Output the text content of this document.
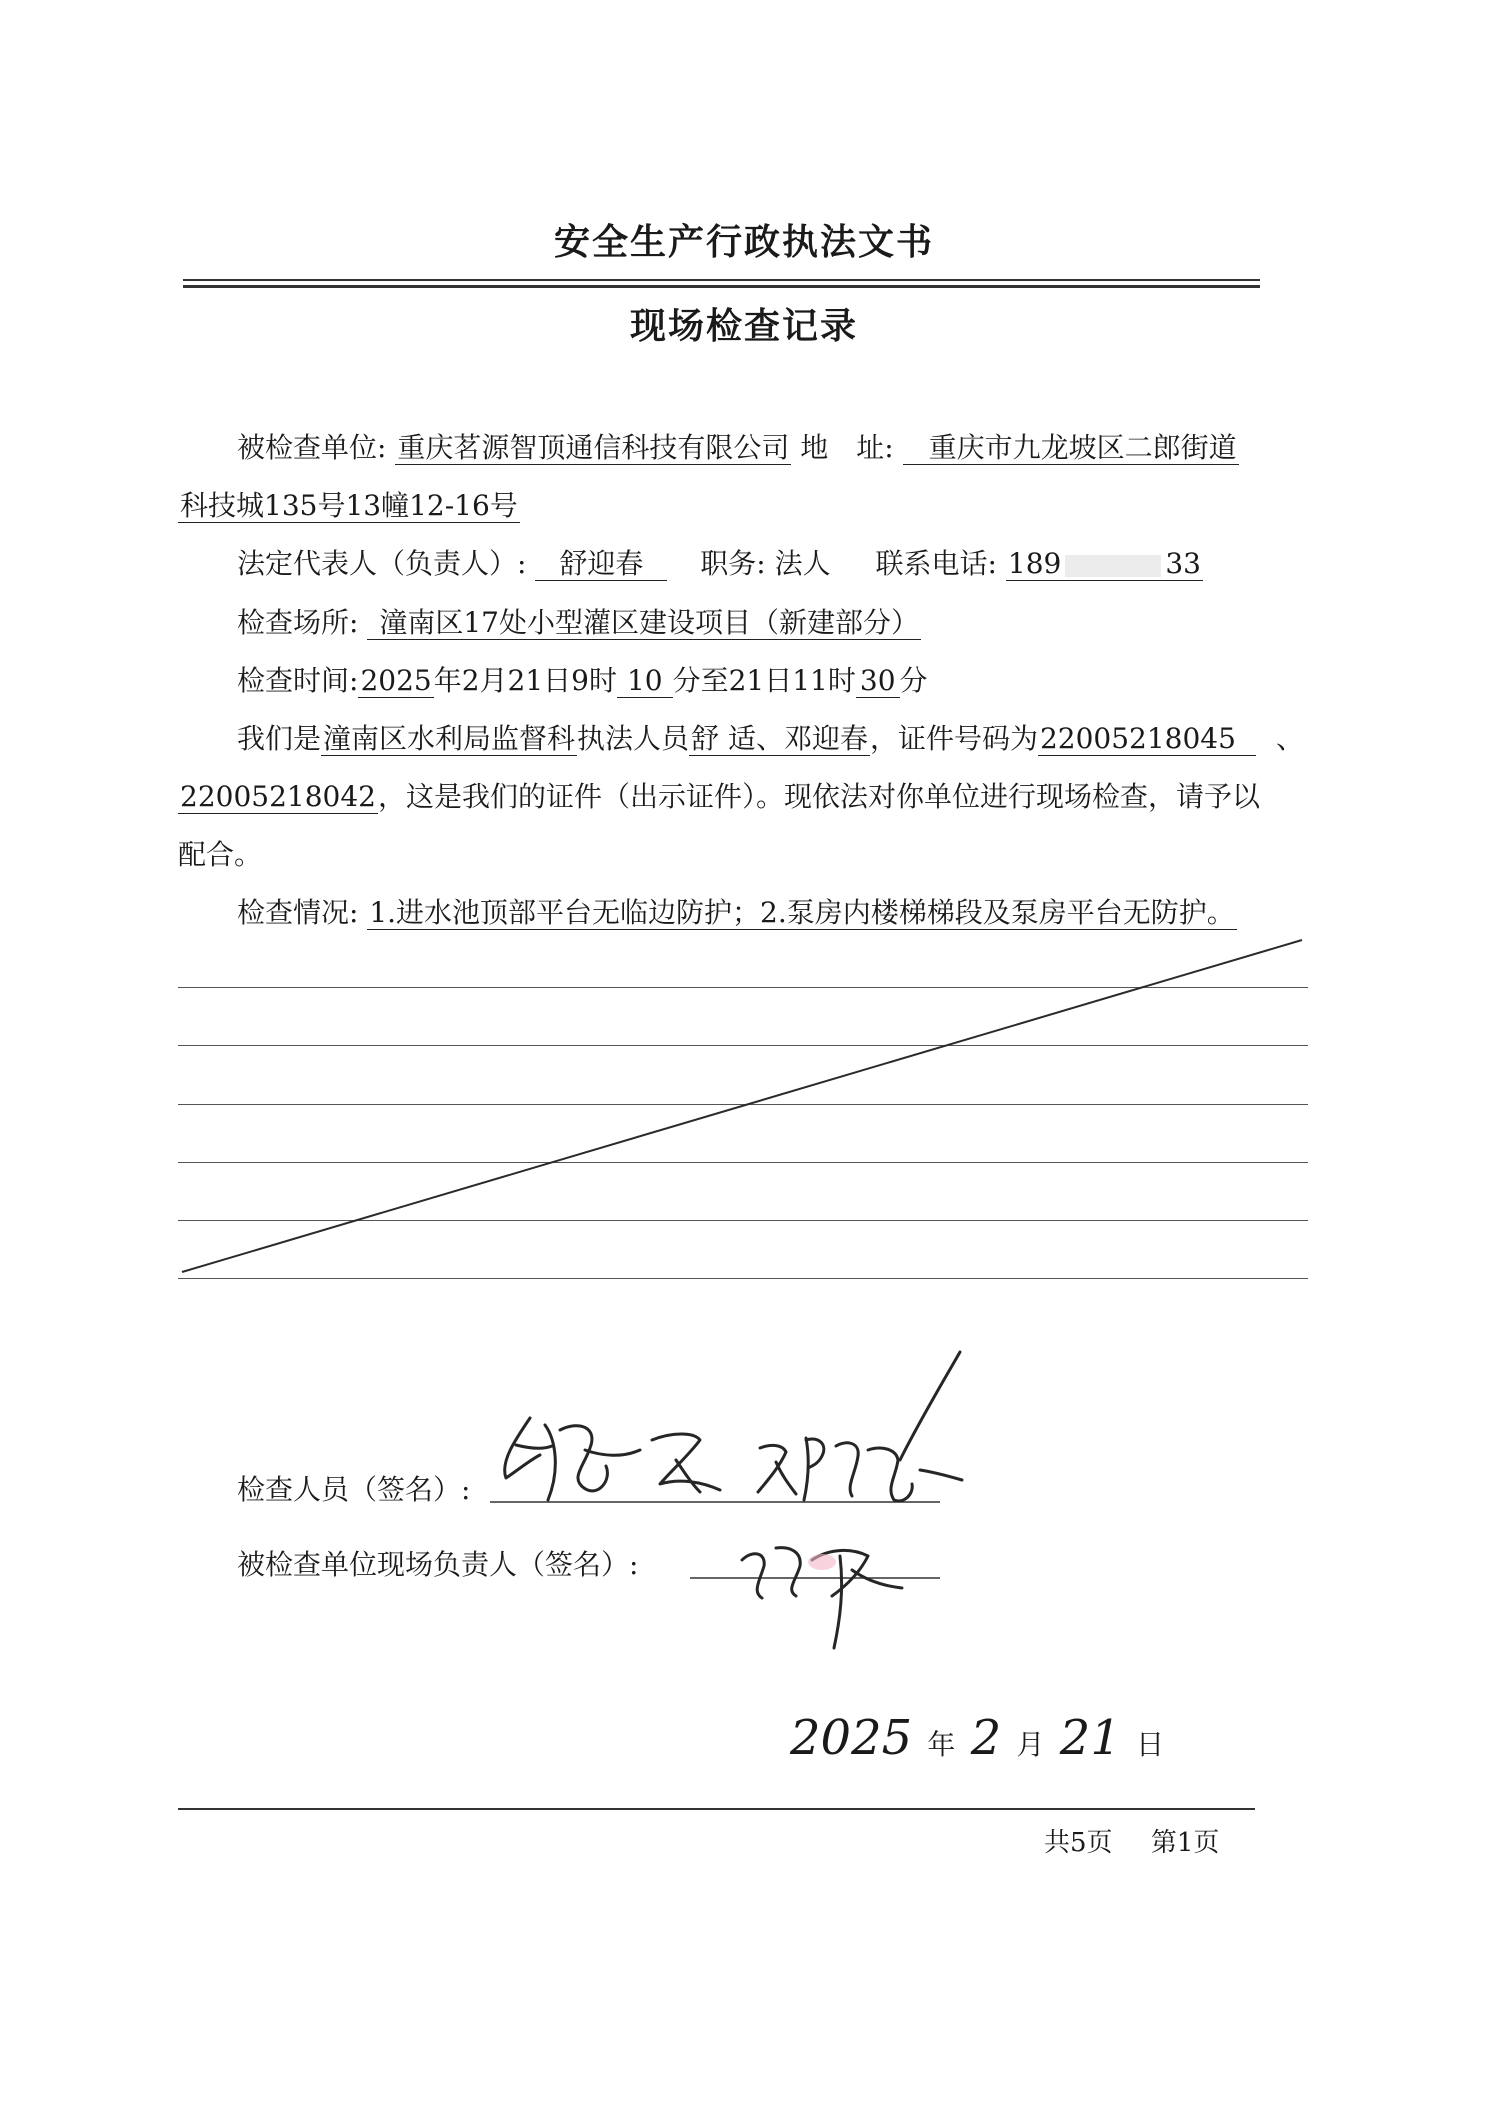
安全生产行政执法文书
现场检查记录
被检查单位: 重庆茗源智顶通信科技有限公司 地　址: 重庆市九龙坡区二郎街道
科技城135号13幢12-16号
法定代表人（负责人）: 舒迎春 职务: 法人 联系电话: 189	33
检查场所: 潼南区17处小型灌区建设项目（新建部分）
检查时间:2025年2月21日9时 10 分至21日11时 30 分
我们是潼南区水利局监督科执法人员舒 适、邓迎春，证件号码为22005218045 、
22005218042，这是我们的证件（出示证件）。现依法对你单位进行现场检查，请予以
配合。
检查情况: 1.进水池顶部平台无临边防护；2.泵房内楼梯梯段及泵房平台无防护。
检查人员（签名）:
被检查单位现场负责人（签名）:
2025 年 2 月 21 日
共5页 第1页
